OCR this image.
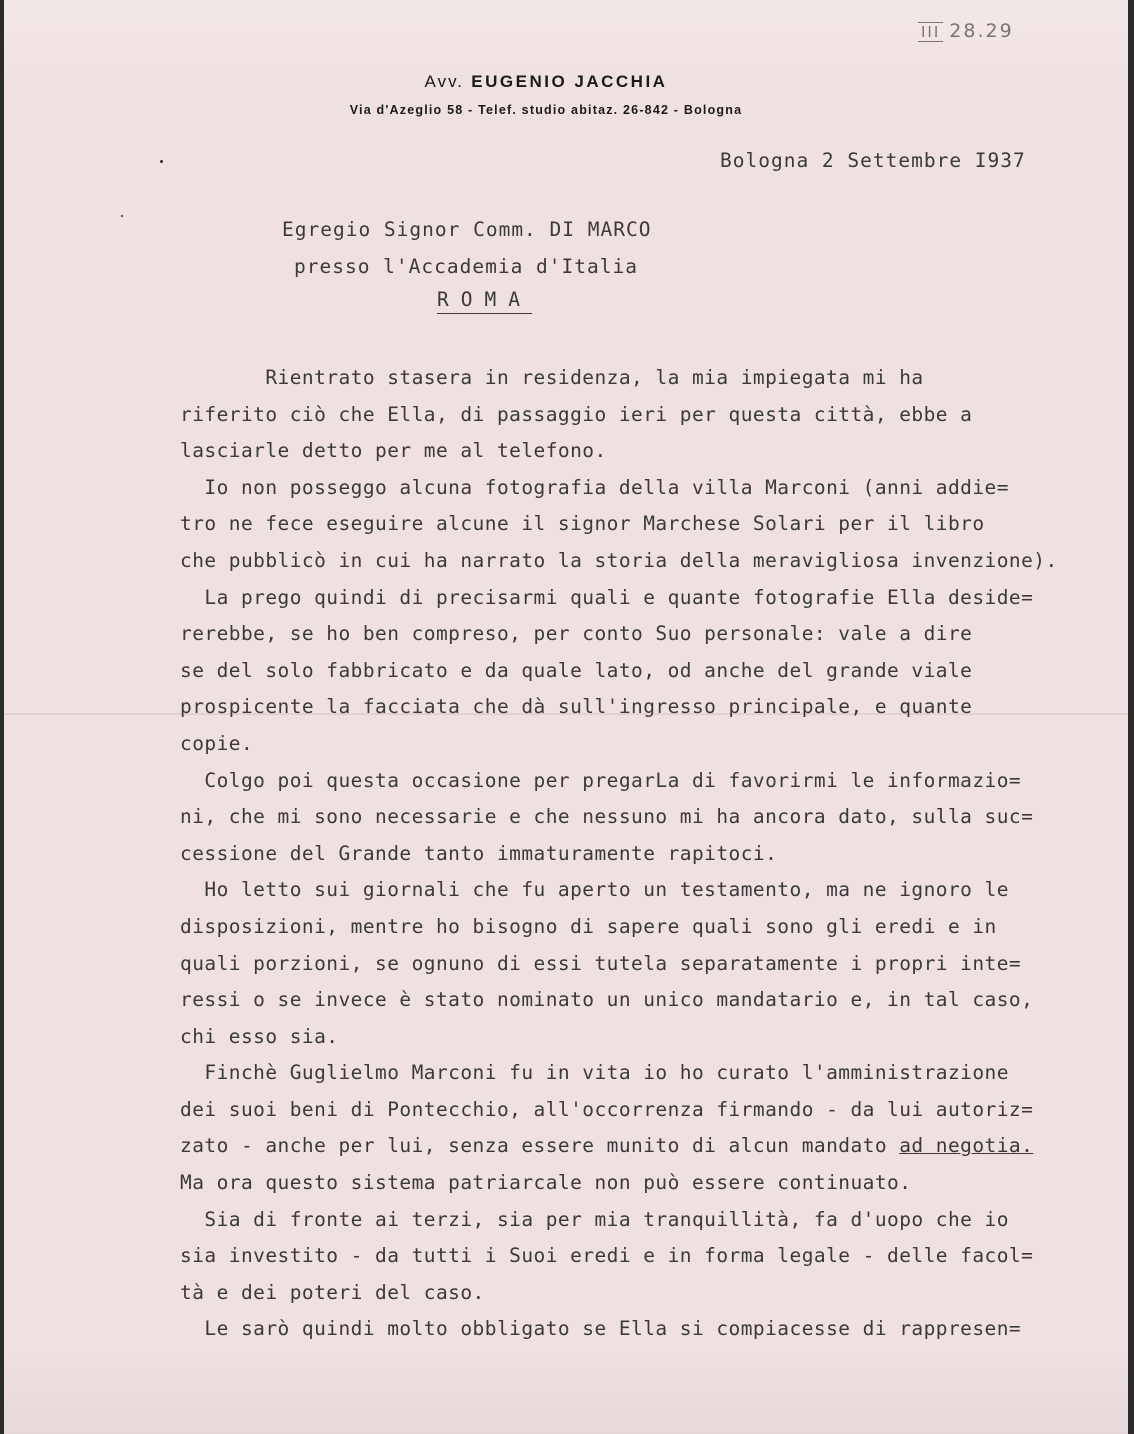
III 28.29
Avv. EUGENIO JACCHIA
Via d'Azeglio 58 - Telef. studio abitaz. 26-842 - Bologna
Bologna 2 Settembre I937
Egregio Signor Comm. DI MARCO
presso l'Accademia d'Italia
ROMA
Rientrato stasera in residenza, la mia impiegata mi ha
riferito ciò che Ella, di passaggio ieri per questa città, ebbe a
lasciarle detto per me al telefono.
Io non posseggo alcuna fotografia della villa Marconi (anni addie=
tro ne fece eseguire alcune il signor Marchese Solari per il libro
che pubblicò in cui ha narrato la storia della meravigliosa invenzione).
La prego quindi di precisarmi quali e quante fotografie Ella deside=
rerebbe, se ho ben compreso, per conto Suo personale: vale a dire
se del solo fabbricato e da quale lato, od anche del grande viale
prospicente la facciata che dà sull'ingresso principale, e quante
copie.
Colgo poi questa occasione per pregarLa di favorirmi le informazio=
ni, che mi sono necessarie e che nessuno mi ha ancora dato, sulla suc=
cessione del Grande tanto immaturamente rapitoci.
Ho letto sui giornali che fu aperto un testamento, ma ne ignoro le
disposizioni, mentre ho bisogno di sapere quali sono gli eredi e in
quali porzioni, se ognuno di essi tutela separatamente i propri inte=
ressi o se invece è stato nominato un unico mandatario e, in tal caso,
chi esso sia.
Finchè Guglielmo Marconi fu in vita io ho curato l'amministrazione
dei suoi beni di Pontecchio, all'occorrenza firmando - da lui autoriz=
zato - anche per lui, senza essere munito di alcun mandato ad negotia.
Ma ora questo sistema patriarcale non può essere continuato.
Sia di fronte ai terzi, sia per mia tranquillità, fa d'uopo che io
sia investito - da tutti i Suoi eredi e in forma legale - delle facol=
tà e dei poteri del caso.
Le sarò quindi molto obbligato se Ella si compiacesse di rappresen=
